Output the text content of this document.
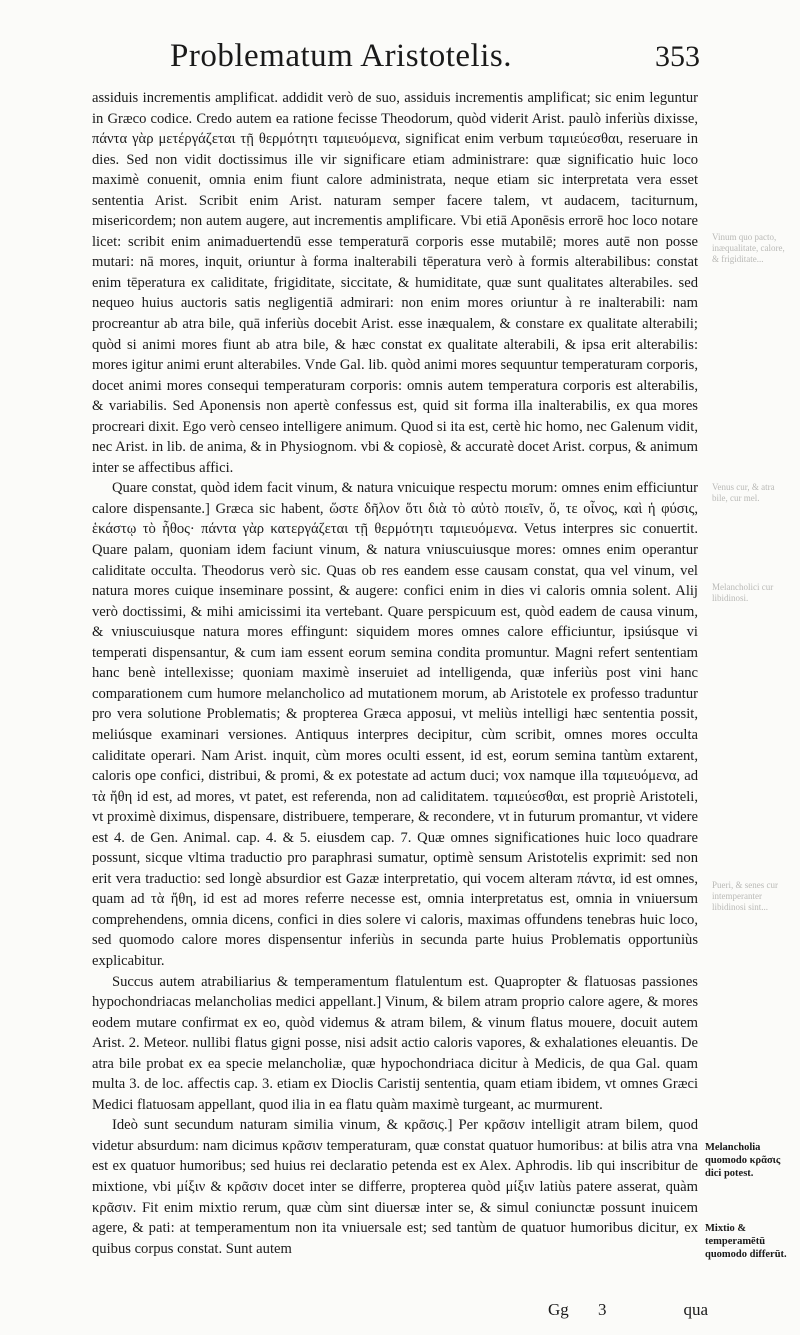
Problematum Aristotelis.	353

assiduis incrementis amplificat. addidit verò de suo, assiduis incrementis amplificat; sic enim leguntur in Græco codice. Credo autem ea ratione fecisse Theodorum, quòd viderit Arist. paulò inferiùs dixisse, πάντα γὰρ μετέργάζεται τῇ θερμότητι ταμιευόμενα, significat enim verbum ταμιεύεσθαι, reseruare in dies. Sed non vidit doctissimus ille vir significare etiam administrare: quæ significatio huic loco maximè conuenit, omnia enim fiunt calore administrata, neque etiam sic interpretata vera esset sententia Arist. Scribit enim Arist. naturam semper facere talem, vt audacem, taciturnum, misericordem; non autem augere, aut incrementis amplificare. Vbi etiā Aponēsis errorē hoc loco notare licet: scribit enim animaduertendū esse temperaturā corporis esse mutabilē; mores autē non posse mutari: nā mores, inquit, oriuntur à forma inalterabili tēperatura verò à formis alterabilibus: constat enim tēperatura ex caliditate, frigiditate, siccitate, & humiditate, quæ sunt qualitates alterabiles. sed nequeo huius auctoris satis negligentiā admirari: non enim mores oriuntur à re inalterabili: nam procreantur ab atra bile, quā inferiùs docebit Arist. esse inæqualem, & constare ex qualitate alterabili; quòd si animi mores fiunt ab atra bile, & hæc constat ex qualitate alterabili, & ipsa erit alterabilis: mores igitur animi erunt alterabiles. Vnde Gal. lib. quòd animi mores sequuntur temperaturam corporis, docet animi mores consequi temperaturam corporis: omnis autem temperatura corporis est alterabilis, & variabilis. Sed Aponensis non apertè confessus est, quid sit forma illa inalterabilis, ex qua mores procreari dixit. Ego verò censeo intelligere animum. Quod si ita est, certè hic homo, nec Galenum vidit, nec Arist. in lib. de anima, & in Physiognom. vbi & copiosè, & accuratè docet Arist. corpus, & animum inter se affectibus affici.

Quare constat, quòd idem facit vinum, & natura vnicuique respectu morum: omnes enim efficiuntur calore dispensante.] Græca sic habent, ὥστε δῆλον ὅτι διὰ τὸ αὐτὸ ποιεῖν, ὅ, τε οἶνος, καὶ ἡ φύσις, ἑκάστῳ τὸ ἦθος· πάντα γὰρ κατεργάζεται τῇ θερμότητι ταμιευόμενα. Vetus interpres sic conuertit. Quare palam, quoniam idem faciunt vinum, & natura vniuscuiusque mores: omnes enim operantur caliditate occulta. Theodorus verò sic. Quas ob res eandem esse causam constat, qua vel vinum, vel natura mores cuique inseminare possint, & augere: confici enim in dies vi caloris omnia solent. Alij verò doctissimi, & mihi amicissimi ita vertebant. Quare perspicuum est, quòd eadem de causa vinum, & vniuscuiusque natura mores effingunt: siquidem mores omnes calore efficiuntur, ipsiúsque vi temperati dispensantur, & cum iam essent eorum semina condita promuntur. Magni refert sententiam hanc benè intellexisse; quoniam maximè inseruiet ad intelligenda, quæ inferiùs post vini hanc comparationem cum humore melancholico ad mutationem morum, ab Aristotele ex professo traduntur pro vera solutione Problematis; & propterea Græca apposui, vt meliùs intelligi hæc sententia possit, meliúsque examinari versiones. Antiquus interpres decipitur, cùm scribit, omnes mores occulta caliditate operari. Nam Arist. inquit, cùm mores oculti essent, id est, eorum semina tantùm extarent, caloris ope confici, distribui, & promi, & ex potestate ad actum duci; vox namque illa ταμιευόμενα, ad τὰ ἤθη id est, ad mores, vt patet, est referenda, non ad caliditatem. ταμιεύεσθαι, est propriè Aristoteli, vt proximè diximus, dispensare, distribuere, temperare, & recondere, vt in futurum promantur, vt videre est 4. de Gen. Animal. cap. 4. & 5. eiusdem cap. 7. Quæ omnes significationes huic loco quadrare possunt, sicque vltima traductio pro paraphrasi sumatur, optimè sensum Aristotelis exprimit: sed non erit vera traductio: sed longè absurdior est Gazæ interpretatio, qui vocem alteram πάντα, id est omnes, quam ad τὰ ἤθη, id est ad mores referre necesse est, omnia interpretatus est, omnia in vniuersum comprehendens, omnia dicens, confici in dies solere vi caloris, maximas offundens tenebras huic loco, sed quomodo calore mores dispensentur inferiùs in secunda parte huius Problematis opportuniùs explicabitur.

Succus autem atrabiliarius & temperamentum flatulentum est. Quapropter & flatuosas passiones hypochondriacas melancholias medici appellant.] Vinum, & bilem atram proprio calore agere, & mores eodem mutare confirmat ex eo, quòd videmus & atram bilem, & vinum flatus mouere, docuit autem Arist. 2. Meteor. nullibi flatus gigni posse, nisi adsit actio caloris vapores, & exhalationes eleuantis. De atra bile probat ex ea specie melancholiæ, quæ hypochondriaca dicitur à Medicis, de qua Gal. quam multa 3. de loc. affectis cap. 3. etiam ex Dioclis Caristij sententia, quam etiam ibidem, vt omnes Græci Medici flatuosam appellant, quod ilia in ea flatu quàm maximè turgeant, ac murmurent.

Ideò sunt secundum naturam similia vinum, & κρᾶσις.] Per κρᾶσιν intelligit atram bilem, quod videtur absurdum: nam dicimus κρᾶσιν temperaturam, quæ constat quatuor humoribus: at bilis atra vna est ex quatuor humoribus; sed huius rei declaratio petenda est ex Alex. Aphrodis. lib qui inscribitur de mixtione, vbi μίξιν & κρᾶσιν docet inter se differre, propterea quòd μίξιν latiùs patere asserat, quàm κρᾶσιν. Fit enim mixtio rerum, quæ cùm sint diuersæ inter se, & simul coniunctæ possunt inuicem agere, & pati: at temperamentum non ita vniuersale est; sed tantùm de quatuor humoribus dicitur, ex quibus corpus constat. Sunt autem

Vinum quo pacto, inæqualitate, calore, & frigiditate...
Venus cur, & atra bile, cur mel.
Melancholici cur libidinosi.
Pueri, & senes cur intemperanter libidinosi sint...
Melancholia quomodo κρᾶσις dici potest.
Mixtio & temperamētū quomodo differūt.
Gg 3	qua
